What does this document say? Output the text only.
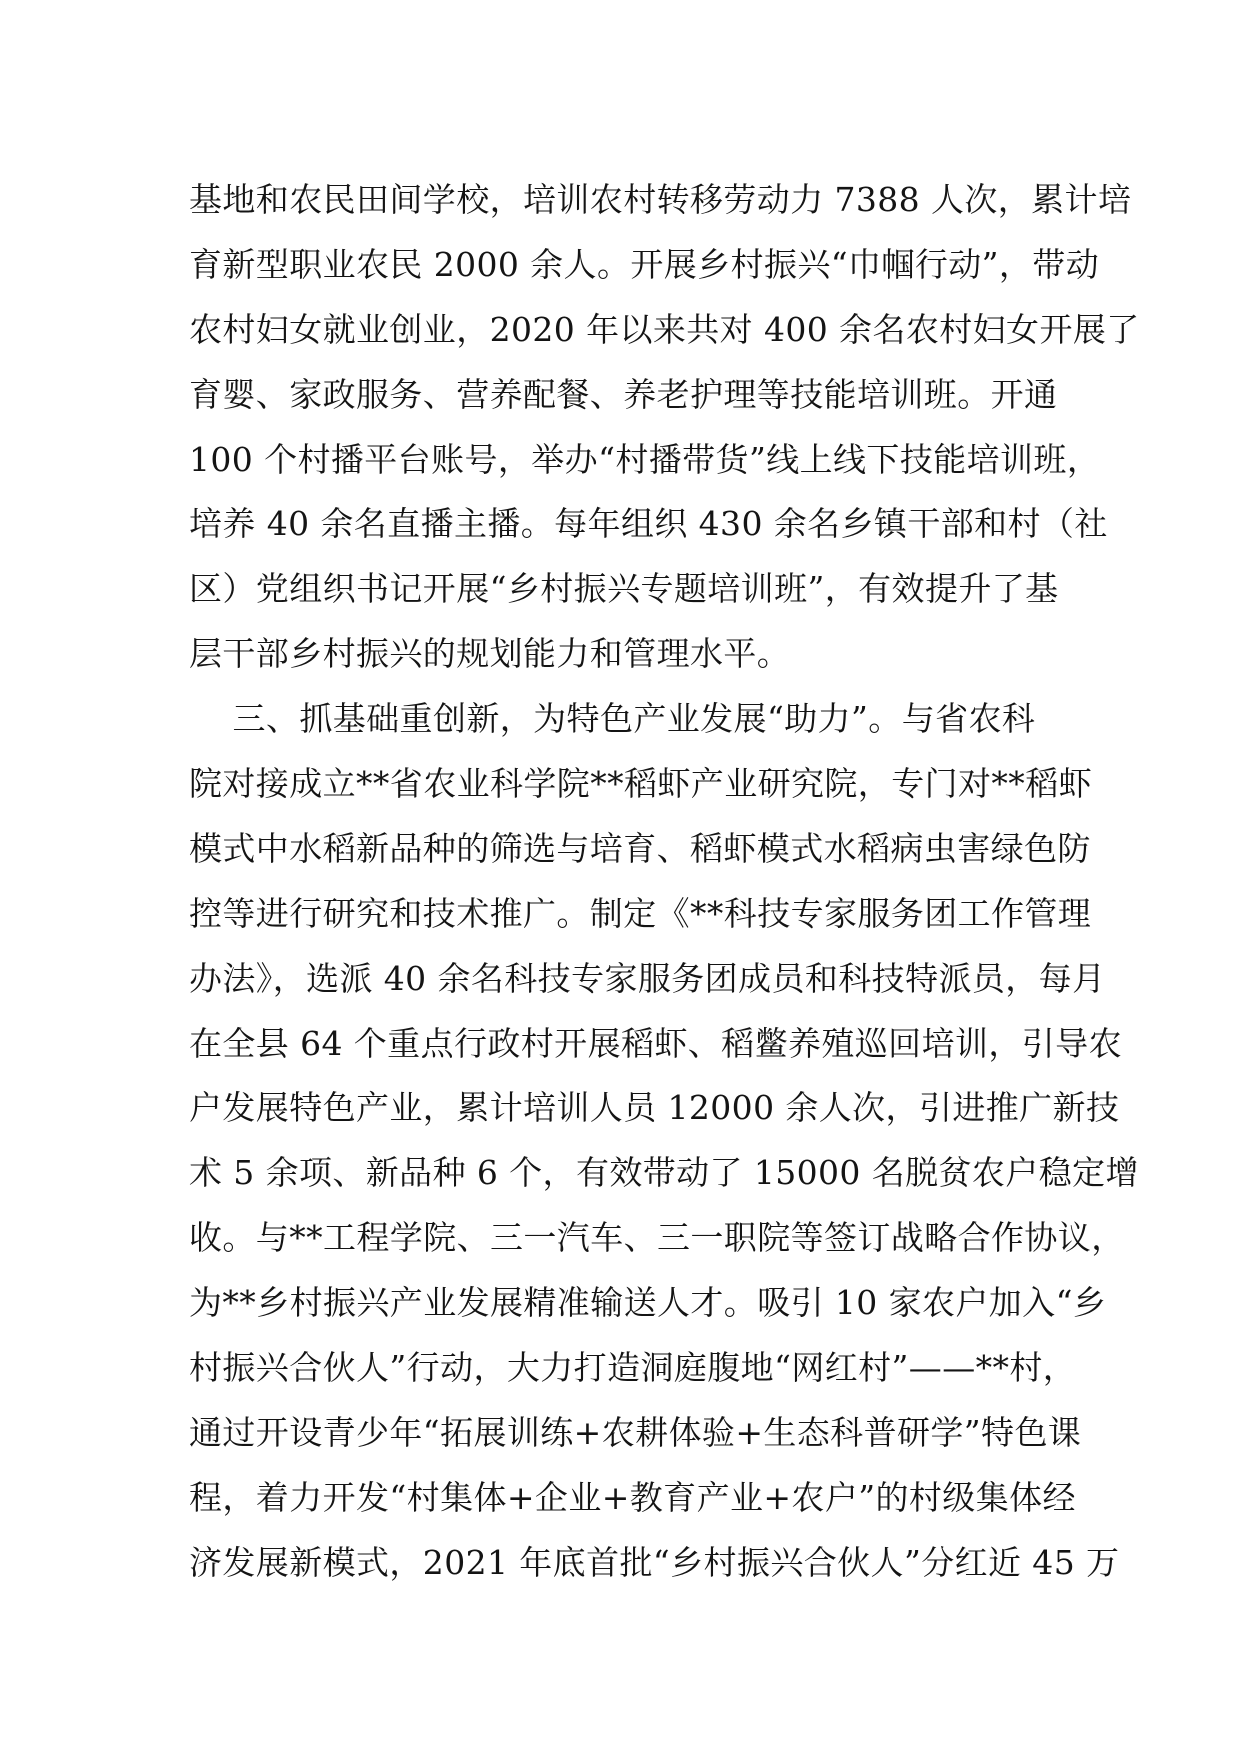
基地和农民田间学校，培训农村转移劳动力 7388 人次，累计培
育新型职业农民 2000 余人。开展乡村振兴“巾帼行动”，带动
农村妇女就业创业，2020 年以来共对 400 余名农村妇女开展了
育婴、家政服务、营养配餐、养老护理等技能培训班。开通
100 个村播平台账号，举办“村播带货”线上线下技能培训班，
培养 40 余名直播主播。每年组织 430 余名乡镇干部和村（社
区）党组织书记开展“乡村振兴专题培训班”，有效提升了基
层干部乡村振兴的规划能力和管理水平。
三、抓基础重创新，为特色产业发展“助力”。与省农科
院对接成立**省农业科学院**稻虾产业研究院，专门对**稻虾
模式中水稻新品种的筛选与培育、稻虾模式水稻病虫害绿色防
控等进行研究和技术推广。制定《**科技专家服务团工作管理
办法》，选派 40 余名科技专家服务团成员和科技特派员，每月
在全县 64 个重点行政村开展稻虾、稻鳖养殖巡回培训，引导农
户发展特色产业，累计培训人员 12000 余人次，引进推广新技
术 5 余项、新品种 6 个，有效带动了 15000 名脱贫农户稳定增
收。与**工程学院、三一汽车、三一职院等签订战略合作协议，
为**乡村振兴产业发展精准输送人才。吸引 10 家农户加入“乡
村振兴合伙人”行动，大力打造洞庭腹地“网红村”——**村，
通过开设青少年“拓展训练+农耕体验+生态科普研学”特色课
程，着力开发“村集体+企业+教育产业+农户”的村级集体经
济发展新模式，2021 年底首批“乡村振兴合伙人”分红近 45 万
